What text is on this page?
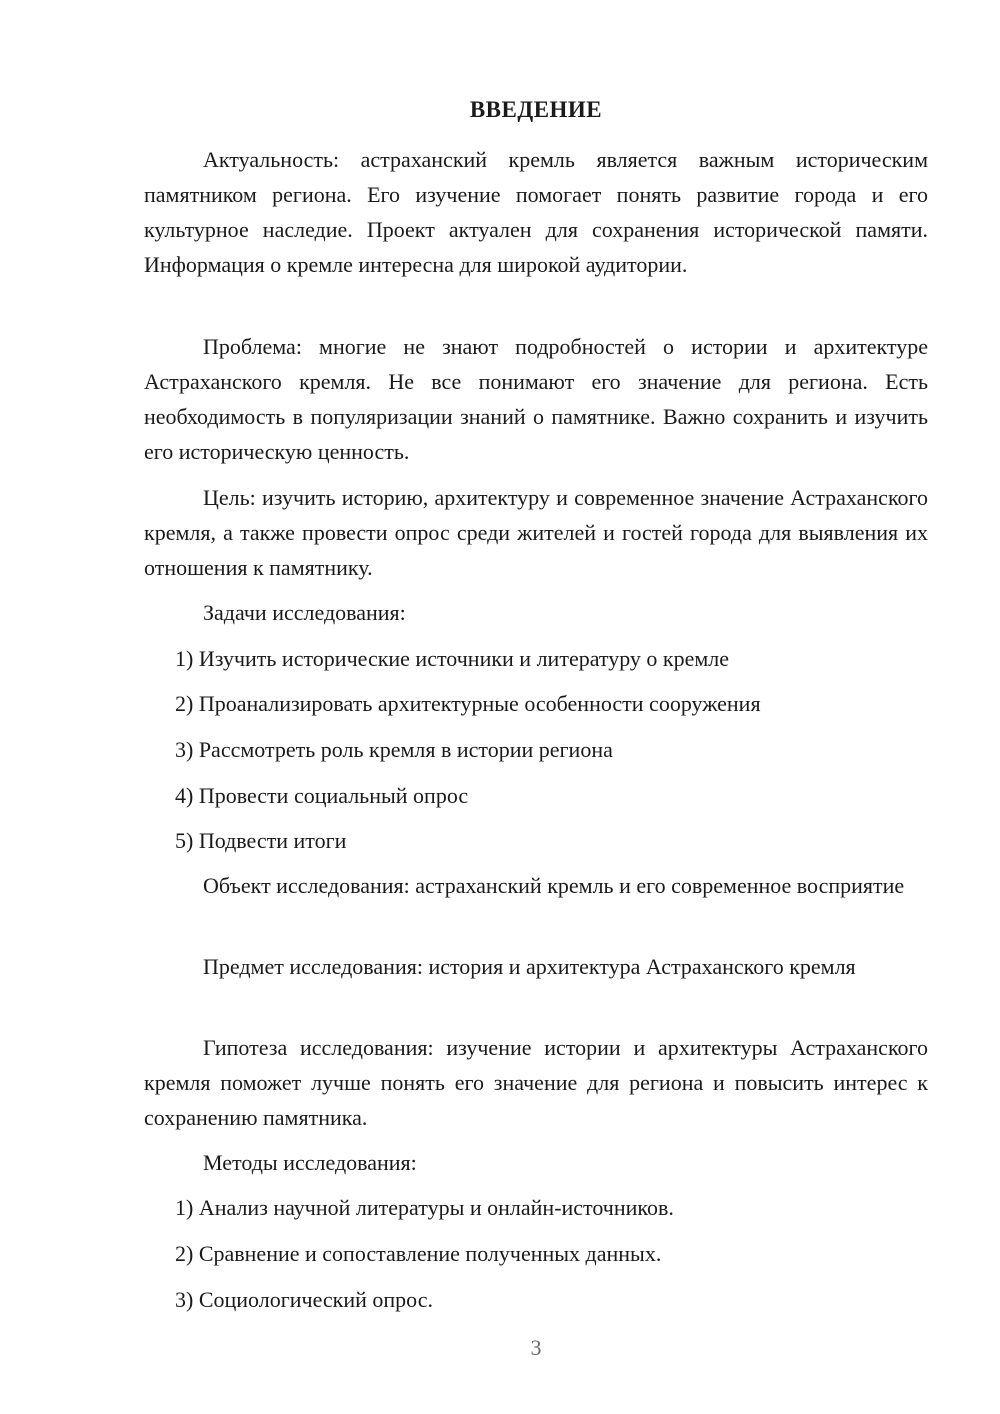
ВВЕДЕНИЕ

Актуальность: астраханский кремль является важным историческим памятником региона. Его изучение помогает понять развитие города и его культурное наследие. Проект актуален для сохранения исторической памяти. Информация о кремле интересна для широкой аудитории.

Проблема: многие не знают подробностей о истории и архитектуре Астраханского кремля. Не все понимают его значение для региона. Есть необходимость в популяризации знаний о памятнике. Важно сохранить и изучить его историческую ценность.

Цель: изучить историю, архитектуру и современное значение Астраханского кремля, а также провести опрос среди жителей и гостей города для выявления их отношения к памятнику.

Задачи исследования:
1) Изучить исторические источники и литературу о кремле
2) Проанализировать архитектурные особенности сооружения
3) Рассмотреть роль кремля в истории региона
4) Провести социальный опрос
5) Подвести итоги

Объект исследования: астраханский кремль и его современное восприятие

Предмет исследования: история и архитектура Астраханского кремля

Гипотеза исследования: изучение истории и архитектуры Астраханского кремля поможет лучше понять его значение для региона и повысить интерес к сохранению памятника.

Методы исследования:
1) Анализ научной литературы и онлайн-источников.
2) Сравнение и сопоставление полученных данных.
3) Социологический опрос.
3
